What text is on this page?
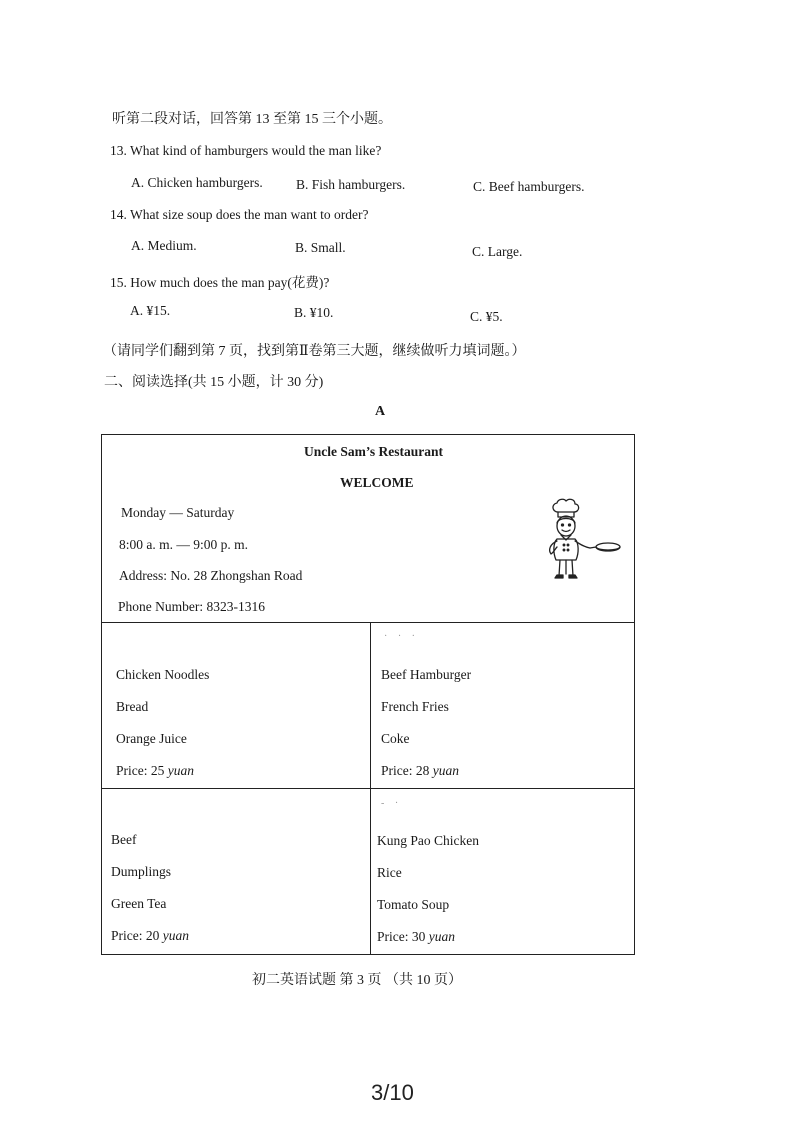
听第二段对话，回答第 13 至第 15 三个小题。
13. What kind of hamburgers would the man like?
A. Chicken hamburgers. B. Fish hamburgers.	C. Beef hamburgers.
14. What size soup does the man want to order?
A. Medium.	B. Small.	C. Large.
15. How much does the man pay(花费)?
A. ¥15.	B. ¥10.	C. ¥5.
（请同学们翻到第 7 页，找到第Ⅱ卷第三大题，继续做听力填词题。）
二、阅读选择(共 15 小题，计 30 分)
A
Uncle Sam’s Restaurant
WELCOME
Monday — Saturday
8:00 a. m. — 9:00 p. m.
Address: No. 28 Zhongshan Road
Phone Number: 8323-1316
Chicken Noodles
Bread
Orange Juice
Price: 25 yuan
· · ·
Beef Hamburger
French Fries
Coke
Price: 28 yuan
Beef
Dumplings
Green Tea
Price: 20 yuan
- ·
Kung Pao Chicken
Rice
Tomato Soup
Price: 30 yuan
初二英语试题 第 3 页 （共 10 页）
3/10
